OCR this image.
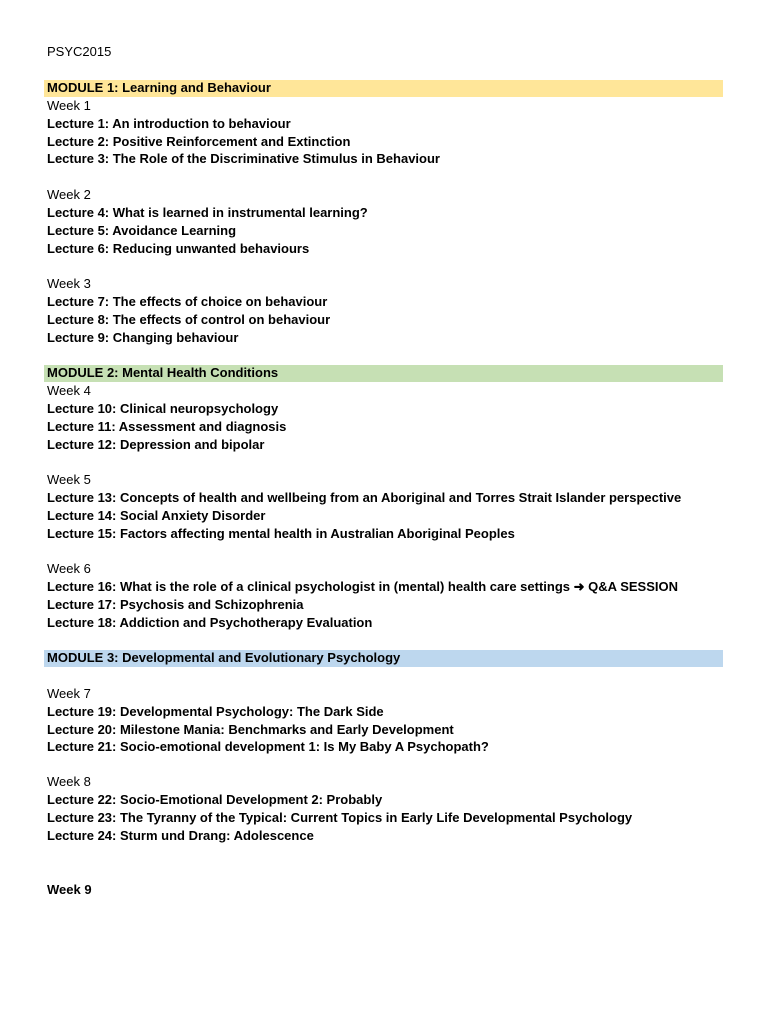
PSYC2015
MODULE 1: Learning and Behaviour
Week 1
Lecture 1: An introduction to behaviour
Lecture 2: Positive Reinforcement and Extinction
Lecture 3: The Role of the Discriminative Stimulus in Behaviour
Week 2
Lecture 4: What is learned in instrumental learning?
Lecture 5: Avoidance Learning
Lecture 6: Reducing unwanted behaviours
Week 3
Lecture 7: The effects of choice on behaviour
Lecture 8: The effects of control on behaviour
Lecture 9: Changing behaviour
MODULE 2: Mental Health Conditions
Week 4
Lecture 10: Clinical neuropsychology
Lecture 11: Assessment and diagnosis
Lecture 12: Depression and bipolar
Week 5
Lecture 13: Concepts of health and wellbeing from an Aboriginal and Torres Strait Islander perspective
Lecture 14: Social Anxiety Disorder
Lecture 15: Factors affecting mental health in Australian Aboriginal Peoples
Week 6
Lecture 16: What is the role of a clinical psychologist in (mental) health care settings ➜ Q&A SESSION
Lecture 17: Psychosis and Schizophrenia
Lecture 18: Addiction and Psychotherapy Evaluation
MODULE 3: Developmental and Evolutionary Psychology
Week 7
Lecture 19: Developmental Psychology: The Dark Side
Lecture 20: Milestone Mania: Benchmarks and Early Development
Lecture 21: Socio-emotional development 1: Is My Baby A Psychopath?
Week 8
Lecture 22: Socio-Emotional Development 2: Probably
Lecture 23: The Tyranny of the Typical: Current Topics in Early Life Developmental Psychology
Lecture 24: Sturm und Drang: Adolescence
Week 9
